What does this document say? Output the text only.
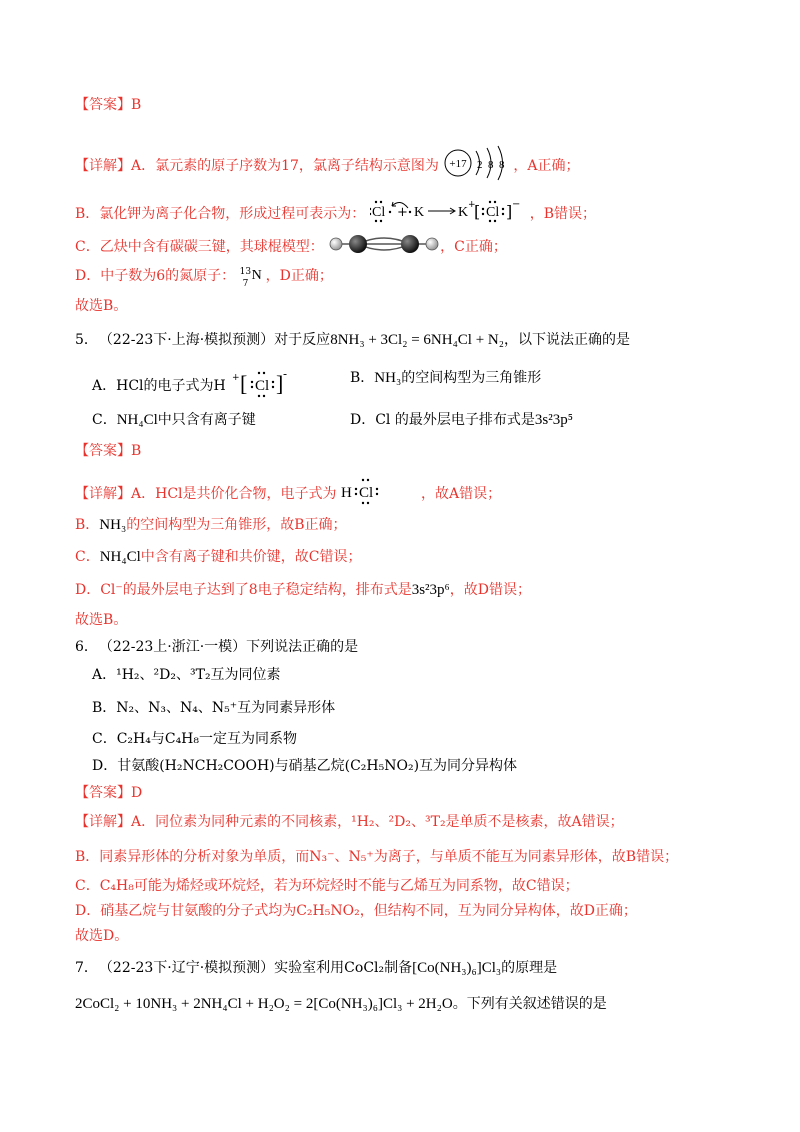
【答案】B
【详解】A．氯元素的原子序数为17，氯离子结构示意图为 +17 2 8 8 ，A正确；
B．氯化钾为离子化合物，形成过程可表示为： Cl + K K +
[ Cl ] −
，B错误；
C．乙炔中含有碳碳三键，其球棍模型：	，C正确；
D．中子数为6的氮原子： 13
7
N ，D正确；
故选B。
5． （22-23下·上海·模拟预测）对于反应8NH₃ + 3Cl₂ = 6NH₄Cl + N₂，以下说法正确的是
A．HCl的电子式为H + [ Cl ] -	B．NH₃的空间构型为三角锥形
C．NH₄Cl中只含有离子键	D．Cl 的最外层电子排布式是3s²3p⁵
【答案】B
【详解】A．HCl是共价化合物，电子式为 H Cl	，故A错误；
B．NH₃的空间构型为三角锥形，故B正确；
C．NH₄Cl中含有离子键和共价键，故C错误；
D．Cl⁻的最外层电子达到了8电子稳定结构，排布式是3s²3p⁶，故D错误；
故选B。
6． （22-23上·浙江·一模）下列说法正确的是
A．¹H₂、²D₂、³T₂互为同位素
B．N₂、N₃、N₄、N₅⁺互为同素异形体
C．C₂H₄与C₄H₈一定互为同系物
D．甘氨酸(H₂NCH₂COOH)与硝基乙烷(C₂H₅NO₂)互为同分异构体
【答案】D
【详解】A．同位素为同种元素的不同核素，¹H₂、²D₂、³T₂是单质不是核素，故A错误；
B．同素异形体的分析对象为单质，而N₃⁻、N₅⁺为离子，与单质不能互为同素异形体，故B错误；
C．C₄H₈可能为烯烃或环烷烃，若为环烷烃时不能与乙烯互为同系物，故C错误；
D．硝基乙烷与甘氨酸的分子式均为C₂H₅NO₂，但结构不同，互为同分异构体，故D正确；
故选D。
7． （22-23下·辽宁·模拟预测）实验室利用CoCl₂制备[Co(NH₃)₆]Cl₃的原理是
2CoCl₂ + 10NH₃ + 2NH₄Cl + H₂O₂ = 2[Co(NH₃)₆]Cl₃ + 2H₂O。下列有关叙述错误的是
